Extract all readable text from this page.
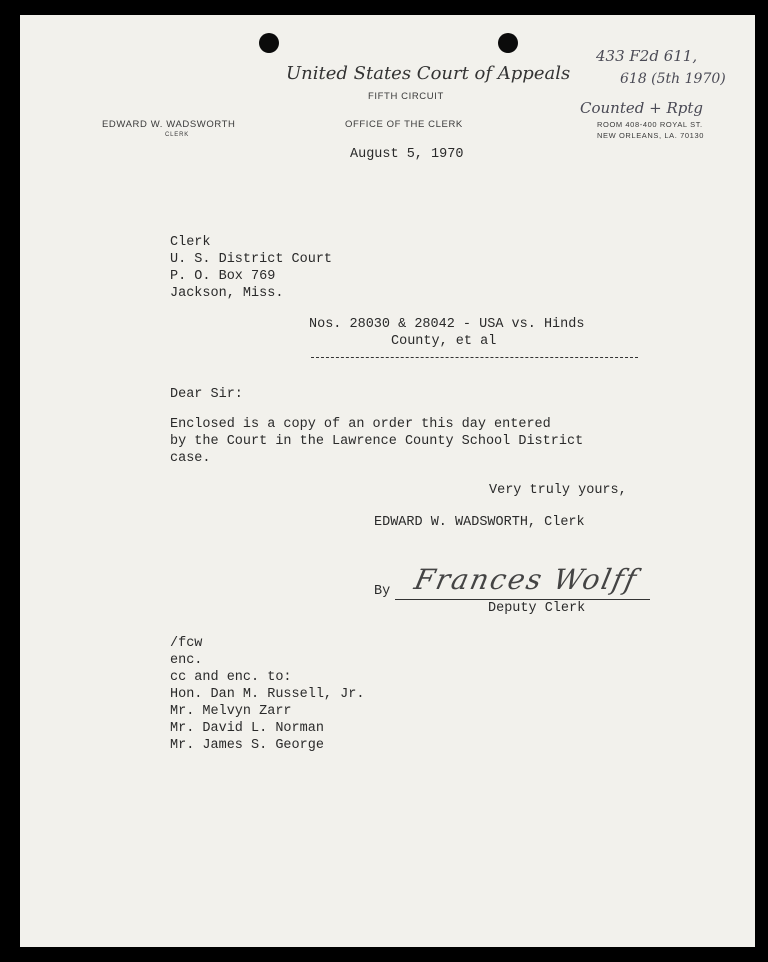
United States Court of Appeals
FIFTH CIRCUIT
EDWARD W. WADSWORTH
CLERK
OFFICE OF THE CLERK	ROOM 408-400 ROYAL ST.
NEW ORLEANS, LA. 70130
433 F2d 611,
618 (5th 1970)
Counted + Rptg
August 5, 1970
Clerk
U. S. District Court
P. O. Box 769
Jackson, Miss.
Nos. 28030 & 28042 - USA vs. Hinds
County, et al
Dear Sir:
Enclosed is a copy of an order this day entered
by the Court in the Lawrence County School District
case.
Very truly yours,
EDWARD W. WADSWORTH, Clerk
By Frances Wolff
Deputy Clerk
/fcw
enc.
cc and enc. to:
Hon. Dan M. Russell, Jr.
Mr. Melvyn Zarr
Mr. David L. Norman
Mr. James S. George
